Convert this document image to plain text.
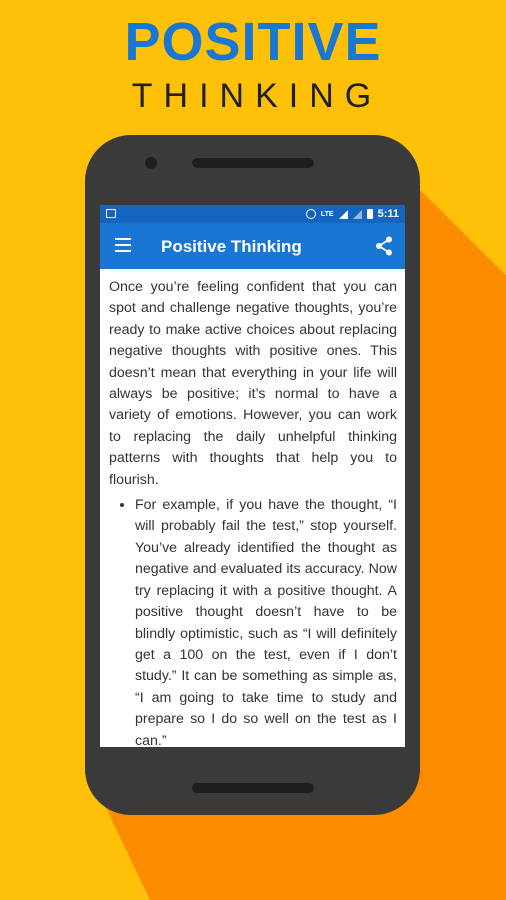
POSITIVE
THINKING
LTE	5:11
Positive Thinking

Once you’re feeling confident that you can spot and challenge negative thoughts, you’re ready to make active choices about replacing negative thoughts with positive ones. This doesn’t mean that everything in your life will always be positive; it’s normal to have a variety of emotions. However, you can work to replacing the daily unhelpful thinking patterns with thoughts that help you to flourish.

• For example, if you have the thought, “I will probably fail the test,” stop yourself. You’ve already identified the thought as negative and evaluated its accuracy. Now try replacing it with a positive thought. A positive thought doesn’t have to be blindly optimistic, such as “I will definitely get a 100 on the test, even if I don’t study.” It can be something as simple as, “I am going to take time to study and prepare so I do so well on the test as I can.”
